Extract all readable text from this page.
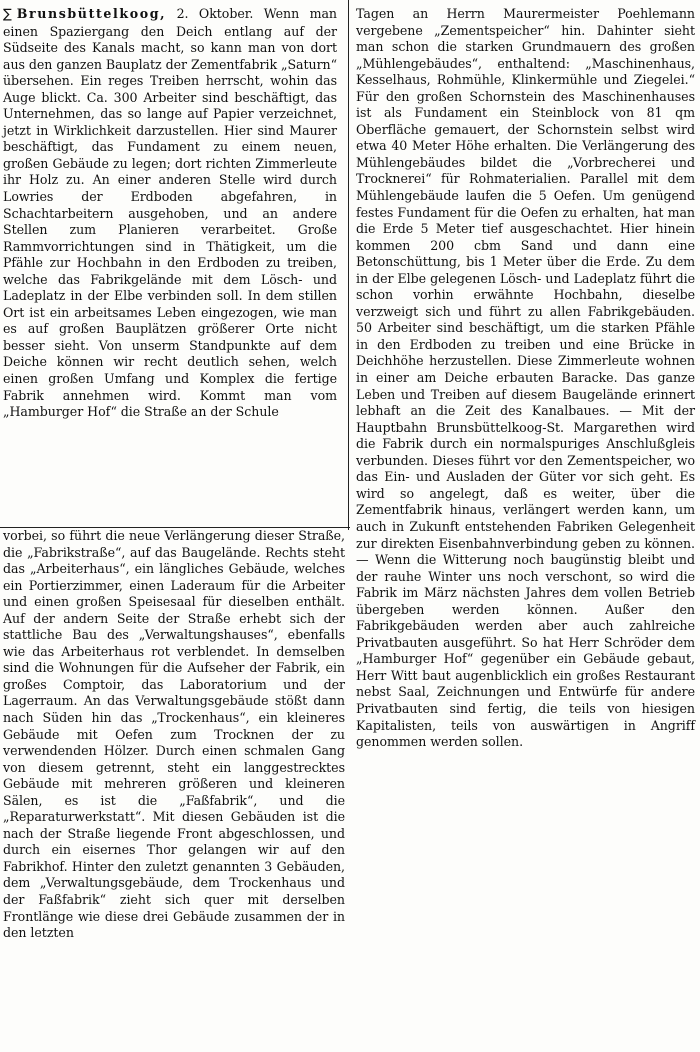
∑ Brunsbüttelkoog, 2. Oktober. Wenn man einen Spaziergang den Deich entlang auf der Südseite des Kanals macht, so kann man von dort aus den ganzen Bauplatz der Zementfabrik „Saturn“ übersehen. Ein reges Treiben herrscht, wohin das Auge blickt. Ca. 300 Arbeiter sind beschäftigt, das Unternehmen, das so lange auf Papier verzeichnet, jetzt in Wirklichkeit darzustellen. Hier sind Maurer beschäftigt, das Fundament zu einem neuen, großen Gebäude zu legen; dort richten Zimmerleute ihr Holz zu. An einer anderen Stelle wird durch Lowries der Erdboden abgefahren, in Schachtarbeitern ausgehoben, und an andere Stellen zum Planieren verarbeitet. Große Rammvorrichtungen sind in Thätigkeit, um die Pfähle zur Hochbahn in den Erdboden zu treiben, welche das Fabrikgelände mit dem Lösch- und Ladeplatz in der Elbe verbinden soll. In dem stillen Ort ist ein arbeitsames Leben eingezogen, wie man es auf großen Bauplätzen größerer Orte nicht besser sieht. Von unserm Standpunkte auf dem Deiche können wir recht deutlich sehen, welch einen großen Umfang und Komplex die fertige Fabrik annehmen wird. Kommt man vom „Hamburger Hof“ die Straße an der Schule

vorbei, so führt die neue Verlängerung dieser Straße, die „Fabrikstraße“, auf das Baugelände. Rechts steht das „Arbeiterhaus“, ein längliches Gebäude, welches ein Portierzimmer, einen Laderaum für die Arbeiter und einen großen Speisesaal für dieselben enthält. Auf der andern Seite der Straße erhebt sich der stattliche Bau des „Verwaltungshauses“, ebenfalls wie das Arbeiterhaus rot verblendet. In demselben sind die Wohnungen für die Aufseher der Fabrik, ein großes Comptoir, das Laboratorium und der Lagerraum. An das Verwaltungsgebäude stößt dann nach Süden hin das „Trockenhaus“, ein kleineres Gebäude mit Oefen zum Trocknen der zu verwendenden Hölzer. Durch einen schmalen Gang von diesem getrennt, steht ein langgestrecktes Gebäude mit mehreren größeren und kleineren Sälen, es ist die „Faßfabrik“, und die „Reparaturwerkstatt“. Mit diesen Gebäuden ist die nach der Straße liegende Front abgeschlossen, und durch ein eisernes Thor gelangen wir auf den Fabrikhof. Hinter den zuletzt genannten 3 Gebäuden, dem „Verwaltungsgebäude, dem Trockenhaus und der Faßfabrik“ zieht sich quer mit derselben Frontlänge wie diese drei Gebäude zusammen der in den letzten

Tagen an Herrn Maurermeister Poehlemann vergebene „Zementspeicher“ hin. Dahinter sieht man schon die starken Grundmauern des großen „Mühlengebäudes“, enthaltend: „Maschinenhaus, Kesselhaus, Rohmühle, Klinkermühle und Ziegelei.“ Für den großen Schornstein des Maschinenhauses ist als Fundament ein Steinblock von 81 qm Oberfläche gemauert, der Schornstein selbst wird etwa 40 Meter Höhe erhalten. Die Verlängerung des Mühlengebäudes bildet die „Vorbrecherei und Trocknerei“ für Rohmaterialien. Parallel mit dem Mühlengebäude laufen die 5 Oefen. Um genügend festes Fundament für die Oefen zu erhalten, hat man die Erde 5 Meter tief ausgeschachtet. Hier hinein kommen 200 cbm Sand und dann eine Betonschüttung, bis 1 Meter über die Erde. Zu dem in der Elbe gelegenen Lösch- und Ladeplatz führt die schon vorhin erwähnte Hochbahn, dieselbe verzweigt sich und führt zu allen Fabrikgebäuden. 50 Arbeiter sind beschäftigt, um die starken Pfähle in den Erdboden zu treiben und eine Brücke in Deichhöhe herzustellen. Diese Zimmerleute wohnen in einer am Deiche erbauten Baracke. Das ganze Leben und Treiben auf diesem Baugelände erinnert lebhaft an die Zeit des Kanalbaues. — Mit der Hauptbahn Brunsbüttelkoog-St. Margarethen wird die Fabrik durch ein normalspuriges Anschlußgleis verbunden. Dieses führt vor den Zementspeicher, wo das Ein- und Ausladen der Güter vor sich geht. Es wird so angelegt, daß es weiter, über die Zementfabrik hinaus, verlängert werden kann, um auch in Zukunft entstehenden Fabriken Gelegenheit zur direkten Eisenbahnverbindung geben zu können. — Wenn die Witterung noch baugünstig bleibt und der rauhe Winter uns noch verschont, so wird die Fabrik im März nächsten Jahres dem vollen Betrieb übergeben werden können. Außer den Fabrikgebäuden werden aber auch zahlreiche Privatbauten ausgeführt. So hat Herr Schröder dem „Hamburger Hof“ gegenüber ein Gebäude gebaut, Herr Witt baut augenblicklich ein großes Restaurant nebst Saal, Zeichnungen und Entwürfe für andere Privatbauten sind fertig, die teils von hiesigen Kapitalisten, teils von auswärtigen in Angriff genommen werden sollen.
